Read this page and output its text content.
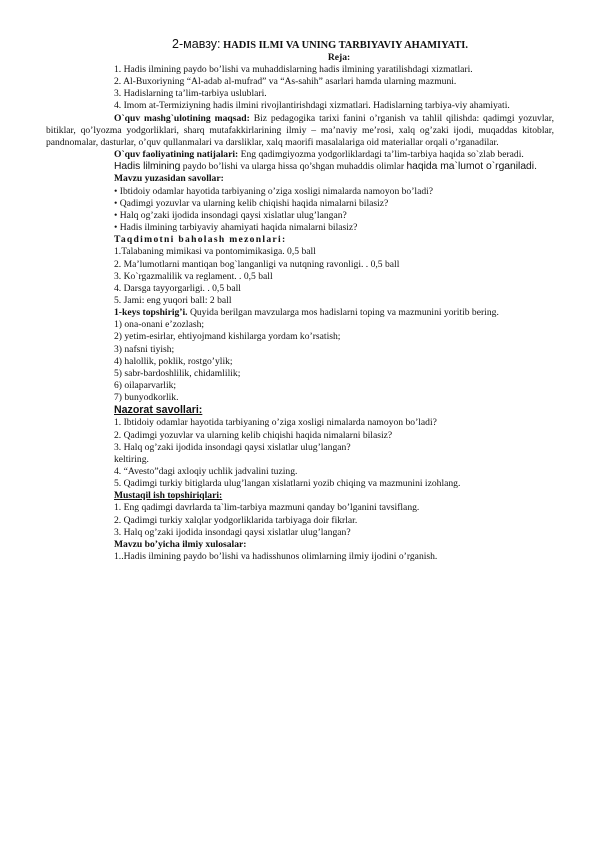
2-мавзу: HADIS ILMI VA UNING TARBIYAVIY AHAMIYATI.
Reja:
1. Hadis ilmining paydo bo’lishi va muhaddislarning hadis ilmining yaratilishdagi xizmatlari.
2. Al-Buxoriyning “Al-adab al-mufrad” va “As-sahih” asarlari hamda ularning mazmuni.
3. Hadislarning ta’lim-tarbiya uslublari.
4. Imom at-Termiziyning hadis ilmini rivojlantirishdagi xizmatlari. Hadislarning tarbiya-viy ahamiyati.
O`quv mashg`ulotining maqsad: Biz pedagogika tarixi fanini o’rganish va tahlil qilishda: qadimgi yozuvlar, bitiklar, qo’lyozma yodgorliklari, sharq mutafakkirlarining ilmiy – ma’naviy me’rosi, xalq og’zaki ijodi, muqaddas kitoblar, pandnomalar, dasturlar, o’quv qullanmalari va darsliklar, xalq maorifi masalalariga oid materiallar orqali o’rganadilar.
O`quv faoliyatining natijalari: Eng qadimgiyozma yodgorliklardagi ta’lim-tarbiya haqida so`zlab beradi.
Hadis lilmining paydo bo’lishi va ularga hissa qo’shgan muhaddis olimlar haqida ma`lumot o`rganiladi.
Mavzu yuzasidan savollar:
• Ibtidoiy odamlar hayotida tarbiyaning o’ziga xosligi nimalarda namoyon bo’ladi?
• Qadimgi yozuvlar va ularning kelib chiqishi haqida nimalarni bilasiz?
• Halq og’zaki ijodida insondagi qaysi xislatlar ulug’langan?
• Hadis ilmining tarbiyaviy ahamiyati haqida nimalarni bilasiz?
Taqdimotni baholash mezonlari:
1.Talabaning mimikasi va pontomimikasiga. 0,5 ball
2. Ma’lumotlarni mantiqan bog`langanligi va nutqning ravonligi. . 0,5 ball
3. Ko`rgazmalilik va reglament. . 0,5 ball
4. Darsga tayyorgarligi. . 0,5 ball
5. Jami: eng yuqori ball: 2 ball
1-keys topshirig’i. Quyida berilgan mavzularga mos hadislarni toping va mazmunini yoritib bering.
1) ona-onani e’zozlash;
2) yetim-esirlar, ehtiyojmand kishilarga yordam ko’rsatish;
3) nafsni tiyish;
4) halollik, poklik, rostgo’ylik;
5) sabr-bardoshlilik, chidamlilik;
6) oilaparvarlik;
7) bunyodkorlik.
Nazorat savollari:
1. Ibtidoiy odamlar hayotida tarbiyaning o’ziga xosligi nimalarda namoyon bo’ladi?
2. Qadimgi yozuvlar va ularning kelib chiqishi haqida nimalarni bilasiz?
3. Halq og’zaki ijodida insondagi qaysi xislatlar ulug’langan?
keltiring.
4. “Avesto”dagi axloqiy uchlik jadvalini tuzing.
5. Qadimgi turkiy bitiglarda ulug’langan xislatlarni yozib chiqing va mazmunini izohlang.
Mustaqil ish topshiriqlari:
1. Eng qadimgi davrlarda ta`lim-tarbiya mazmuni qanday bo’lganini tavsiflang.
2. Qadimgi turkiy xalqlar yodgorliklarida tarbiyaga doir fikrlar.
3. Halq og’zaki ijodida insondagi qaysi xislatlar ulug’langan?
Mavzu bo’yicha ilmiy xulosalar:
1..Hadis ilmining paydo bo’lishi va hadisshunos olimlarning ilmiy ijodini o’rganish.
